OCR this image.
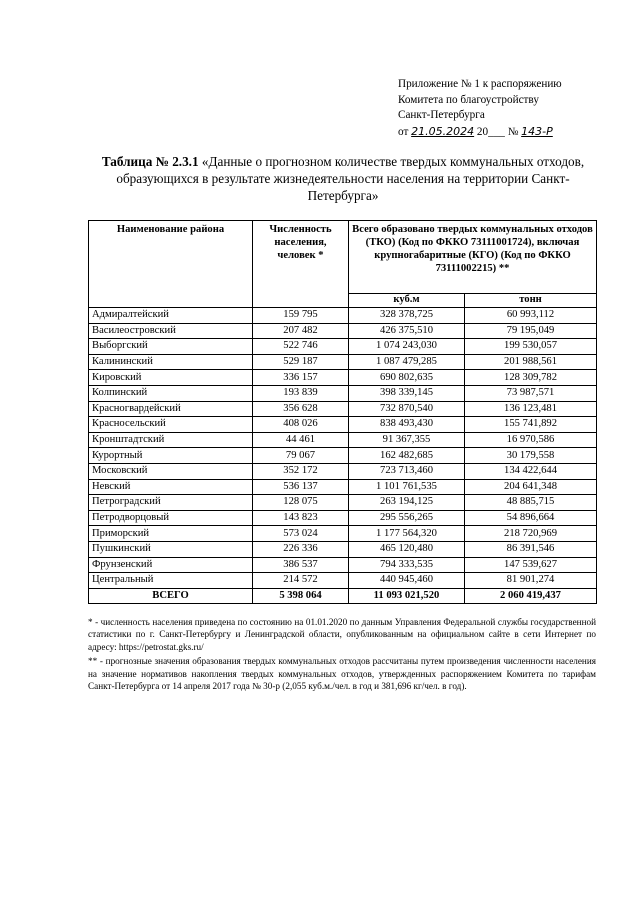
Приложение № 1 к распоряжению
Комитета по благоустройству
Санкт-Петербурга
от 21.05.2024 20___ № 143-Р
Таблица № 2.3.1 «Данные о прогнозном количестве твердых коммунальных отходов, образующихся в результате жизнедеятельности населения на территории Санкт-Петербурга»
Наименование района	Численность населения, человек *	Всего образовано твердых коммунальных отходов (ТКО) (Код по ФККО 73111001724), включая крупногабаритные (КГО) (Код по ФККО 73111002215) **	
		куб.м	тонн
Адмиралтейский	159 795	328 378,725	60 993,112
Василеостровский	207 482	426 375,510	79 195,049
Выборгский	522 746	1 074 243,030	199 530,057
Калининский	529 187	1 087 479,285	201 988,561
Кировский	336 157	690 802,635	128 309,782
Колпинский	193 839	398 339,145	73 987,571
Красногвардейский	356 628	732 870,540	136 123,481
Красносельский	408 026	838 493,430	155 741,892
Кронштадтский	44 461	91 367,355	16 970,586
Курортный	79 067	162 482,685	30 179,558
Московский	352 172	723 713,460	134 422,644
Невский	536 137	1 101 761,535	204 641,348
Петроградский	128 075	263 194,125	48 885,715
Петродворцовый	143 823	295 556,265	54 896,664
Приморский	573 024	1 177 564,320	218 720,969
Пушкинский	226 336	465 120,480	86 391,546
Фрунзенский	386 537	794 333,535	147 539,627
Центральный	214 572	440 945,460	81 901,274
ВСЕГО	5 398 064	11 093 021,520	2 060 419,437

* - численность населения приведена по состоянию на 01.01.2020 по данным Управления Федеральной службы государственной статистики по г. Санкт-Петербургу и Ленинградской области, опубликованным на официальном сайте в сети Интернет по адресу: https://petrostat.gks.ru/

** - прогнозные значения образования твердых коммунальных отходов рассчитаны путем произведения численности населения на значение нормативов накопления твердых коммунальных отходов, утвержденных распоряжением Комитета по тарифам Санкт-Петербурга от 14 апреля 2017 года № 30-р (2,055 куб.м./чел. в год и 381,696 кг/чел. в год).
